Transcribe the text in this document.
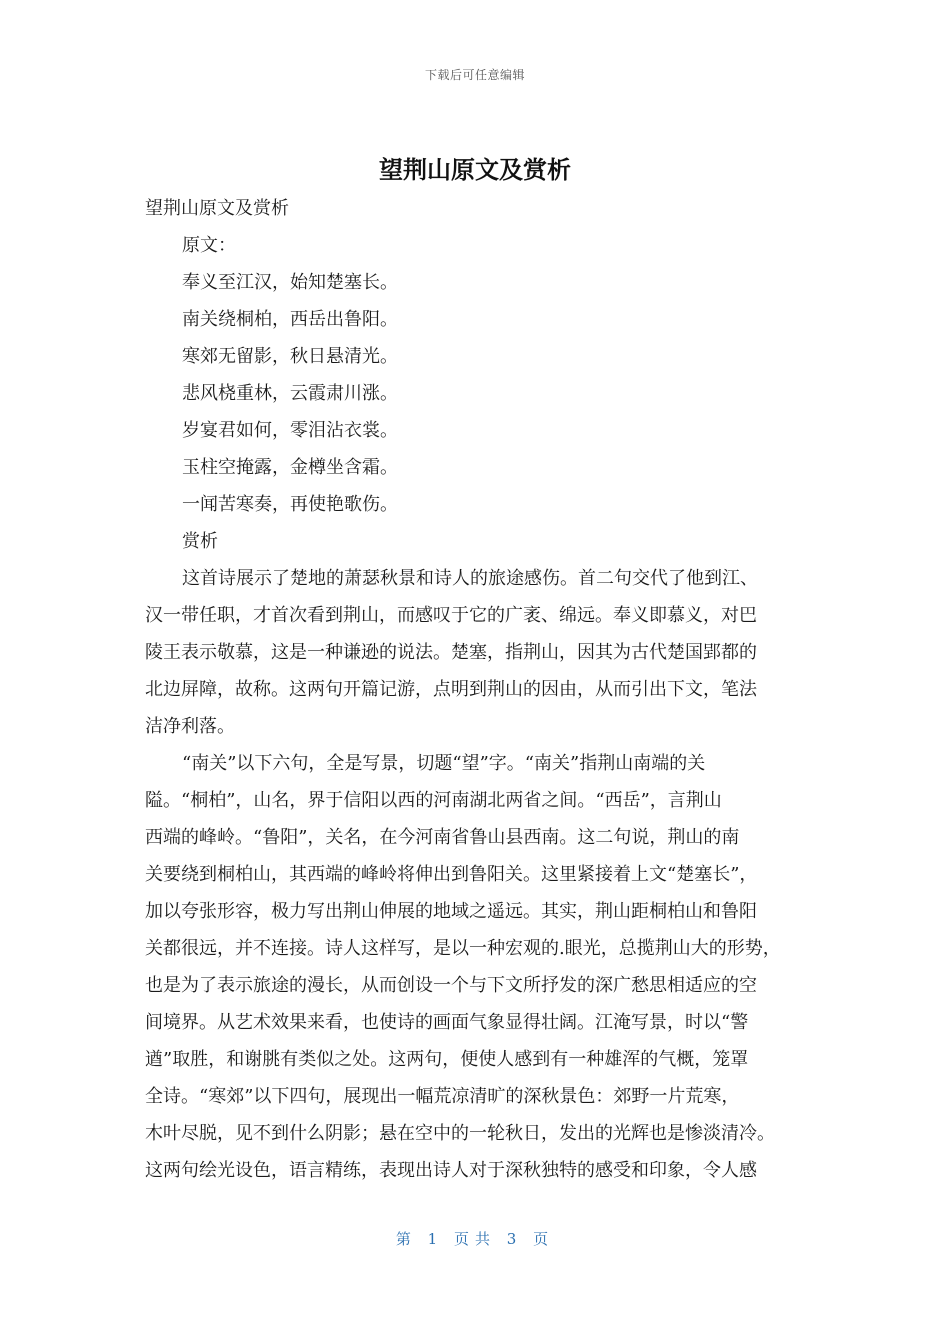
下载后可任意编辑
望荆山原文及赏析
望荆山原文及赏析
原文：
奉义至江汉，始知楚塞长。
南关绕桐柏，西岳出鲁阳。
寒郊无留影，秋日悬清光。
悲风桡重林，云霞肃川涨。
岁宴君如何，零泪沾衣裳。
玉柱空掩露，金樽坐含霜。
一闻苦寒奏，再使艳歌伤。
赏析
这首诗展示了楚地的萧瑟秋景和诗人的旅途感伤。首二句交代了他到江、
汉一带任职，才首次看到荆山，而感叹于它的广袤、绵远。奉义即慕义，对巴
陵王表示敬慕，这是一种谦逊的说法。楚塞，指荆山，因其为古代楚国郢都的
北边屏障，故称。这两句开篇记游，点明到荆山的因由，从而引出下文，笔法
洁净利落。
“南关”以下六句，全是写景，切题“望”字。“南关”指荆山南端的关
隘。“桐柏”，山名，界于信阳以西的河南湖北两省之间。“西岳”，言荆山
西端的峰岭。“鲁阳”，关名，在今河南省鲁山县西南。这二句说，荆山的南
关要绕到桐柏山，其西端的峰岭将伸出到鲁阳关。这里紧接着上文“楚塞长”，
加以夸张形容，极力写出荆山伸展的地域之遥远。其实，荆山距桐柏山和鲁阳
关都很远，并不连接。诗人这样写，是以一种宏观的.眼光，总揽荆山大的形势，
也是为了表示旅途的漫长，从而创设一个与下文所抒发的深广愁思相适应的空
间境界。从艺术效果来看，也使诗的画面气象显得壮阔。江淹写景，时以“警
遒”取胜，和谢朓有类似之处。这两句，便使人感到有一种雄浑的气概，笼罩
全诗。“寒郊”以下四句，展现出一幅荒凉清旷的深秋景色：郊野一片荒寒，
木叶尽脱，见不到什么阴影；悬在空中的一轮秋日，发出的光辉也是惨淡清冷。
这两句绘光设色，语言精练，表现出诗人对于深秋独特的感受和印象，令人感
第 1 页共 3 页
